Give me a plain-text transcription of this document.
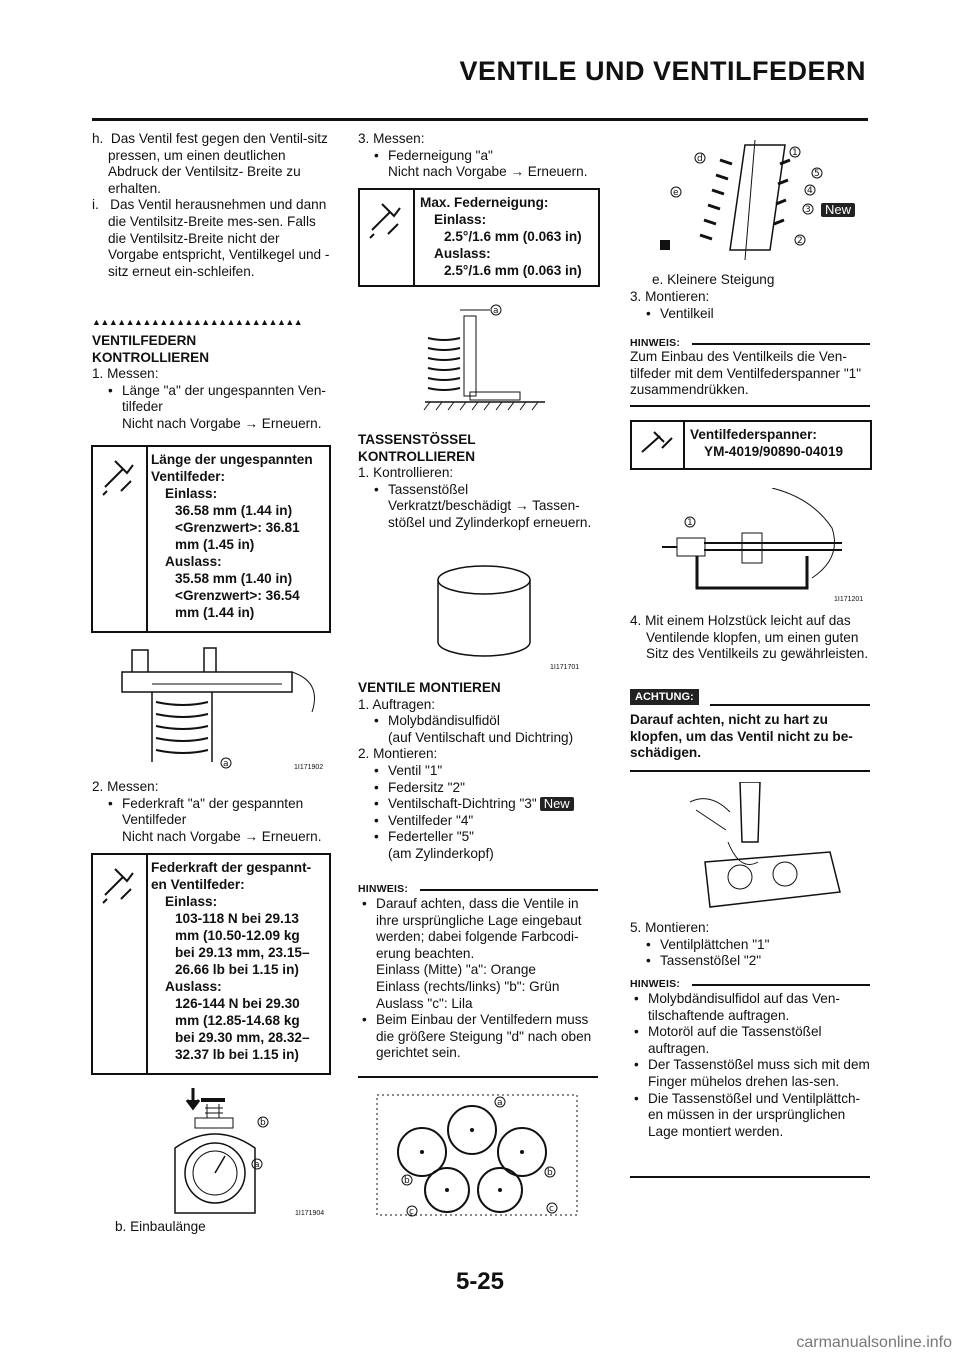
VENTILE UND VENTILFEDERN

h. Das Ventil fest gegen den Ventil-sitz pressen, um einen deutlichen Abdruck der Ventilsitz- Breite zu erhalten.

i. Das Ventil herausnehmen und dann die Ventilsitz-Breite mes-sen. Falls die Ventilsitz-Breite nicht der Vorgabe entspricht, Ventilkegel und -sitz erneut ein-schleifen.

▲▲▲▲▲▲▲▲▲▲▲▲▲▲▲▲▲▲▲▲▲▲▲▲▲

VENTILFEDERN

KONTROLLIEREN

1. Messen:

• Länge "a" der ungespannten Ven-tilfeder

Nicht nach Vorgabe → Erneuern.

Länge der ungespannten
Ventilfeder:
Einlass:
36.58 mm (1.44 in)
<Grenzwert>: 36.81
mm (1.45 in)
Auslass:
35.58 mm (1.40 in)
<Grenzwert>: 36.54
mm (1.44 in)
a	1I171902

2. Messen:

• Federkraft "a" der gespannten Ventilfeder

Nicht nach Vorgabe → Erneuern.

Federkraft der gespannt-
en Ventilfeder:
Einlass:
103-118 N bei 29.13
mm (10.50-12.09 kg
bei 29.13 mm, 23.15–
26.66 lb bei 1.15 in)
Auslass:
126-144 N bei 29.30
mm (12.85-14.68 kg
bei 29.30 mm, 28.32–
32.37 lb bei 1.15 in)
b
a
1I171904
b. Einbaulänge

3. Messen:

• Federneigung "a"

Nicht nach Vorgabe → Erneuern.

Max. Federneigung:
Einlass:
2.5°/1.6 mm (0.063 in)
Auslass:
2.5°/1.6 mm (0.063 in)
a

TASSENSTÖSSEL

KONTROLLIEREN

1. Kontrollieren:

• Tassenstößel

Verkratzt/beschädigt → Tassen-stößel und Zylinderkopf erneuern.

1I171701

VENTILE MONTIEREN

1. Auftragen:

• Molybdändisulfidöl

(auf Ventilschaft und Dichtring)

2. Montieren:

• Ventil "1"

• Federsitz "2"

• Ventilschaft-Dichtring "3" New

• Ventilfeder "4"

• Federteller "5"

(am Zylinderkopf)

HINWEIS:

• Darauf achten, dass die Ventile in ihre ursprüngliche Lage eingebaut werden; dabei folgende Farbcodi-erung beachten.

Einlass (Mitte) "a": Orange

Einlass (rechts/links) "b": Grün

Auslass "c": Lila

• Beim Einbau der Ventilfedern muss die größere Steigung "d" nach oben gerichtet sein.

a
b
b
c	c
d
e
1
5
4
3
2
New
e. Kleinere Steigung

3. Montieren:

• Ventilkeil

HINWEIS:
Zum Einbau des Ventilkeils die Ven-tilfeder mit dem Ventilfederspanner "1" zusammendrükken.
Ventilfederspanner:
YM-4019/90890-04019
1
1I171201

4. Mit einem Holzstück leicht auf das Ventilende klopfen, um einen guten Sitz des Ventilkeils zu gewährleisten.

ACHTUNG:
Darauf achten, nicht zu hart zu klopfen, um das Ventil nicht zu be-schädigen.

5. Montieren:

• Ventilplättchen "1"

• Tassenstößel "2"

HINWEIS:

• Molybdändisulfidol auf das Ven-tilschaftende auftragen.

• Motoröl auf die Tassenstößel auftragen.

• Der Tassenstößel muss sich mit dem Finger mühelos drehen las-sen.

• Die Tassenstößel und Ventilplättch-en müssen in der ursprünglichen Lage montiert werden.

5-25
carmanualsonline.info
